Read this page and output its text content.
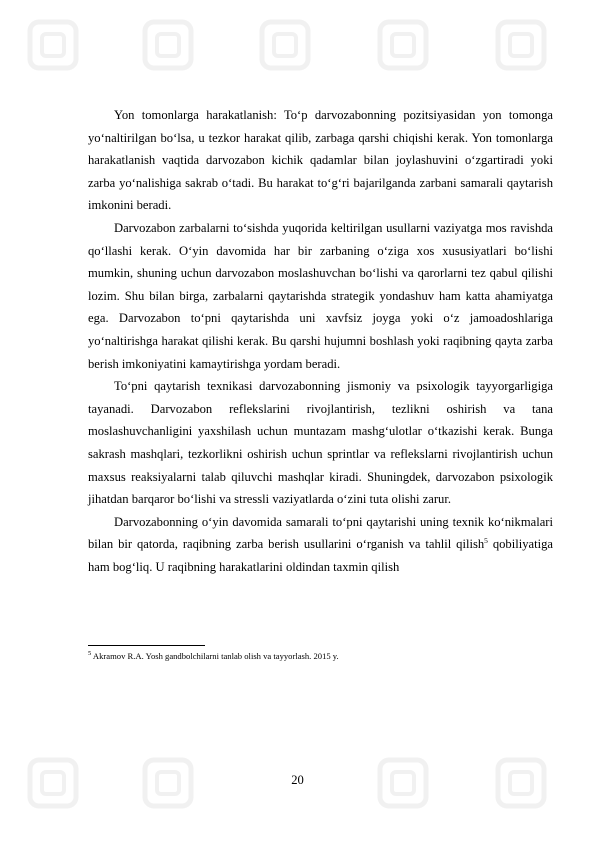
Yon tomonlarga harakatlanish: To‘p darvozabonning pozitsiyasidan yon tomonga yo‘naltirilgan bo‘lsa, u tezkor harakat qilib, zarbaga qarshi chiqishi kerak. Yon tomonlarga harakatlanish vaqtida darvozabon kichik qadamlar bilan joylashuvini o‘zgartiradi yoki zarba yo‘nalishiga sakrab o‘tadi. Bu harakat to‘g‘ri bajarilganda zarbani samarali qaytarish imkonini beradi.

Darvozabon zarbalarni to‘sishda yuqorida keltirilgan usullarni vaziyatga mos ravishda qo‘llashi kerak. O‘yin davomida har bir zarbaning o‘ziga xos xususiyatlari bo‘lishi mumkin, shuning uchun darvozabon moslashuvchan bo‘lishi va qarorlarni tez qabul qilishi lozim. Shu bilan birga, zarbalarni qaytarishda strategik yondashuv ham katta ahamiyatga ega. Darvozabon to‘pni qaytarishda uni xavfsiz joyga yoki o‘z jamoadoshlariga yo‘naltirishga harakat qilishi kerak. Bu qarshi hujumni boshlash yoki raqibning qayta zarba berish imkoniyatini kamaytirishga yordam beradi.

To‘pni qaytarish texnikasi darvozabonning jismoniy va psixologik tayyorgarligiga tayanadi. Darvozabon reflekslarini rivojlantirish, tezlikni oshirish va tana moslashuvchanligini yaxshilash uchun muntazam mashg‘ulotlar o‘tkazishi kerak. Bunga sakrash mashqlari, tezkorlikni oshirish uchun sprintlar va reflekslarni rivojlantirish uchun maxsus reaksiyalarni talab qiluvchi mashqlar kiradi. Shuningdek, darvozabon psixologik jihatdan barqaror bo‘lishi va stressli vaziyatlarda o‘zini tuta olishi zarur.

Darvozabonning o‘yin davomida samarali to‘pni qaytarishi uning texnik ko‘nikmalari bilan bir qatorda, raqibning zarba berish usullarini o‘rganish va tahlil qilish$^5$ qobiliyatiga ham bog‘liq. U raqibning harakatlarini oldindan taxmin qilish

$^5$ Akramov R.A. Yosh gandbolchilarni tanlab olish va tayyorlash. 2015 y.
20
